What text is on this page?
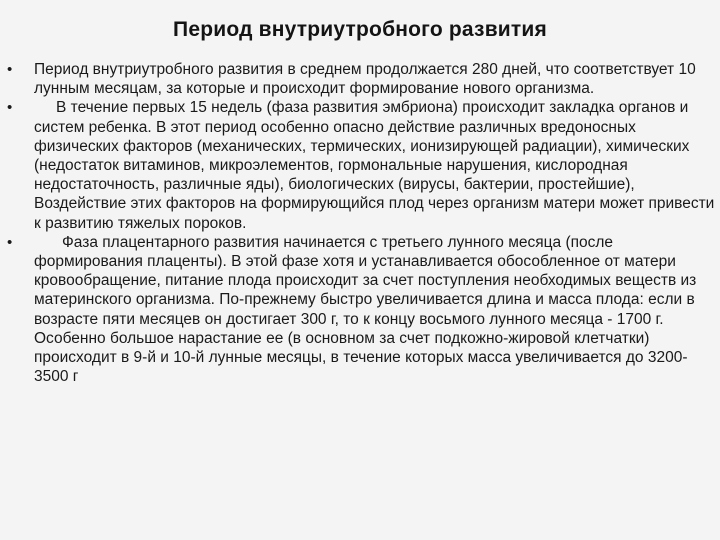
Период внутриутробного развития
• Период внутриутробного развития в среднем продолжается 280 дней, что соответствует 10 лунным месяцам, за которые и происходит формирование нового организма.
•	В течение первых 15 недель (фаза развития эмбриона) происходит закладка органов и систем ребенка. В этот период особенно опасно действие различных вредоносных физических факторов (механических, термических, ионизирующей радиации), химических (недостаток витаминов, микроэлементов, гормональные нарушения, кислородная недостаточность, различные яды), биологических (вирусы, бактерии, простейшие), Воздействие этих факторов на формирующийся плод через организм матери может привести к развитию тяжелых пороков.
•	Фаза плацентарного развития начинается с третьего лунного месяца (после формирования плаценты). В этой фазе хотя и устанавливается обособленное от матери кровообращение, питание плода происходит за счет поступления необходимых веществ из материнского организма. По-прежнему быстро увеличивается длина и масса плода: если в возрасте пяти месяцев он достигает 300 г, то к концу восьмого лунного месяца - 1700 г. Особенно большое нарастание ее (в основном за счет подкожно-жировой клетчатки) происходит в 9-й и 10-й лунные месяцы, в течение которых масса увеличивается до 3200-3500 г
